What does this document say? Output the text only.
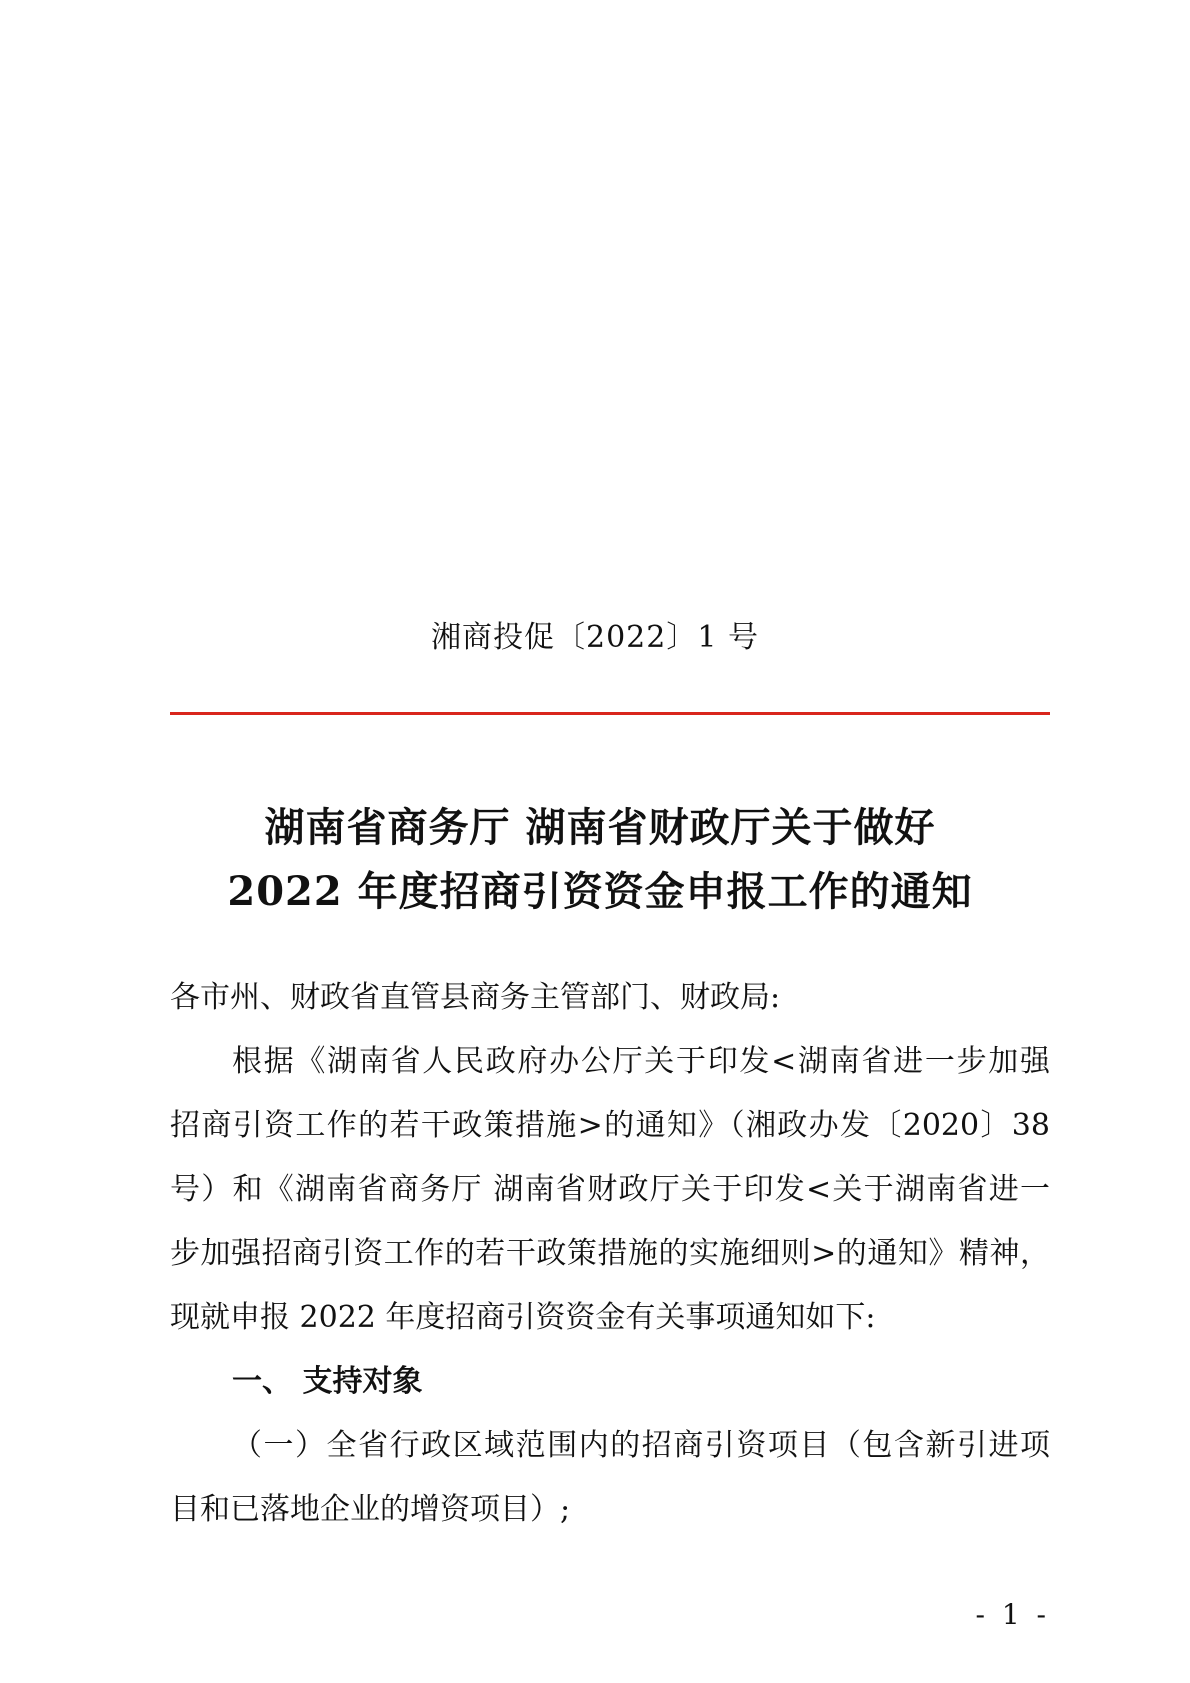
湘商投促〔2022〕1 号
湖南省商务厅 湖南省财政厅关于做好
2022 年度招商引资资金申报工作的通知
各市州、财政省直管县商务主管部门、财政局:
根据《湖南省人民政府办公厅关于印发<湖南省进一步加强
招商引资工作的若干政策措施>的通知》（湘政办发〔2020〕38
号）和《湖南省商务厅 湖南省财政厅关于印发<关于湖南省进一
步加强招商引资工作的若干政策措施的实施细则>的通知》精神，
现就申报 2022 年度招商引资资金有关事项通知如下:
一、 支持对象
（一）全省行政区域范围内的招商引资项目（包含新引进项
目和已落地企业的增资项目）;
- 1 -
